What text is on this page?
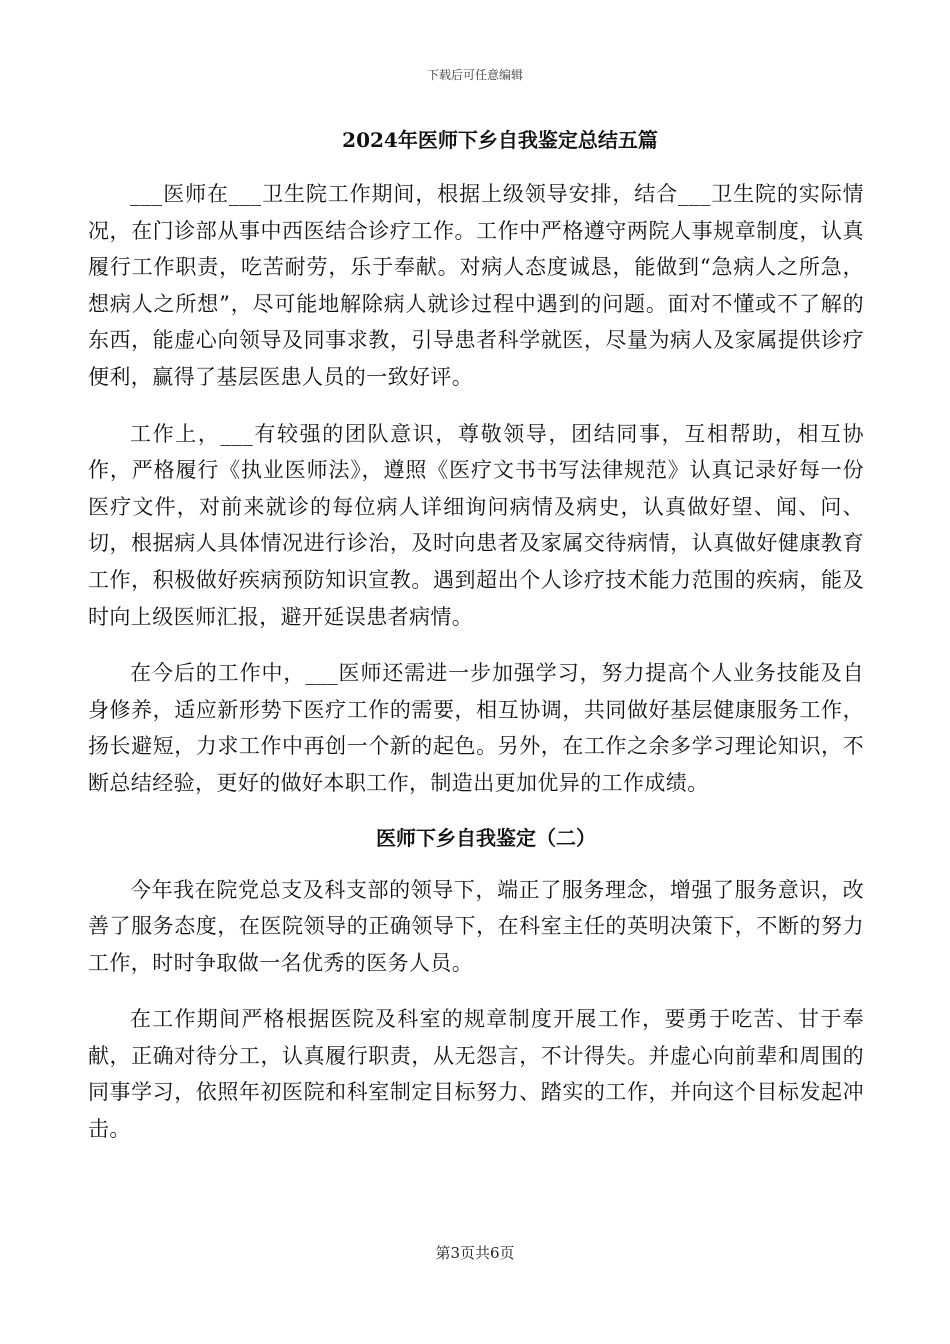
下载后可任意编辑
2024年医师下乡自我鉴定总结五篇

___医师在___卫生院工作期间，根据上级领导安排，结合___卫生院的实际情况，在门诊部从事中西医结合诊疗工作。工作中严格遵守两院人事规章制度，认真履行工作职责，吃苦耐劳，乐于奉献。对病人态度诚恳，能做到“急病人之所急，想病人之所想”，尽可能地解除病人就诊过程中遇到的问题。面对不懂或不了解的东西，能虚心向领导及同事求教，引导患者科学就医，尽量为病人及家属提供诊疗便利，赢得了基层医患人员的一致好评。

工作上，___有较强的团队意识，尊敬领导，团结同事，互相帮助，相互协作，严格履行《执业医师法》，遵照《医疗文书书写法律规范》认真记录好每一份医疗文件，对前来就诊的每位病人详细询问病情及病史，认真做好望、闻、问、切，根据病人具体情况进行诊治，及时向患者及家属交待病情，认真做好健康教育工作，积极做好疾病预防知识宣教。遇到超出个人诊疗技术能力范围的疾病，能及时向上级医师汇报，避开延误患者病情。

在今后的工作中，___医师还需进一步加强学习，努力提高个人业务技能及自身修养，适应新形势下医疗工作的需要，相互协调，共同做好基层健康服务工作，扬长避短，力求工作中再创一个新的起色。另外，在工作之余多学习理论知识，不断总结经验，更好的做好本职工作，制造出更加优异的工作成绩。

医师下乡自我鉴定（二）

今年我在院党总支及科支部的领导下，端正了服务理念，增强了服务意识，改善了服务态度，在医院领导的正确领导下，在科室主任的英明决策下，不断的努力工作，时时争取做一名优秀的医务人员。

在工作期间严格根据医院及科室的规章制度开展工作，要勇于吃苦、甘于奉献，正确对待分工，认真履行职责，从无怨言，不计得失。并虚心向前辈和周围的同事学习，依照年初医院和科室制定目标努力、踏实的工作，并向这个目标发起冲击。

第3页共6页
